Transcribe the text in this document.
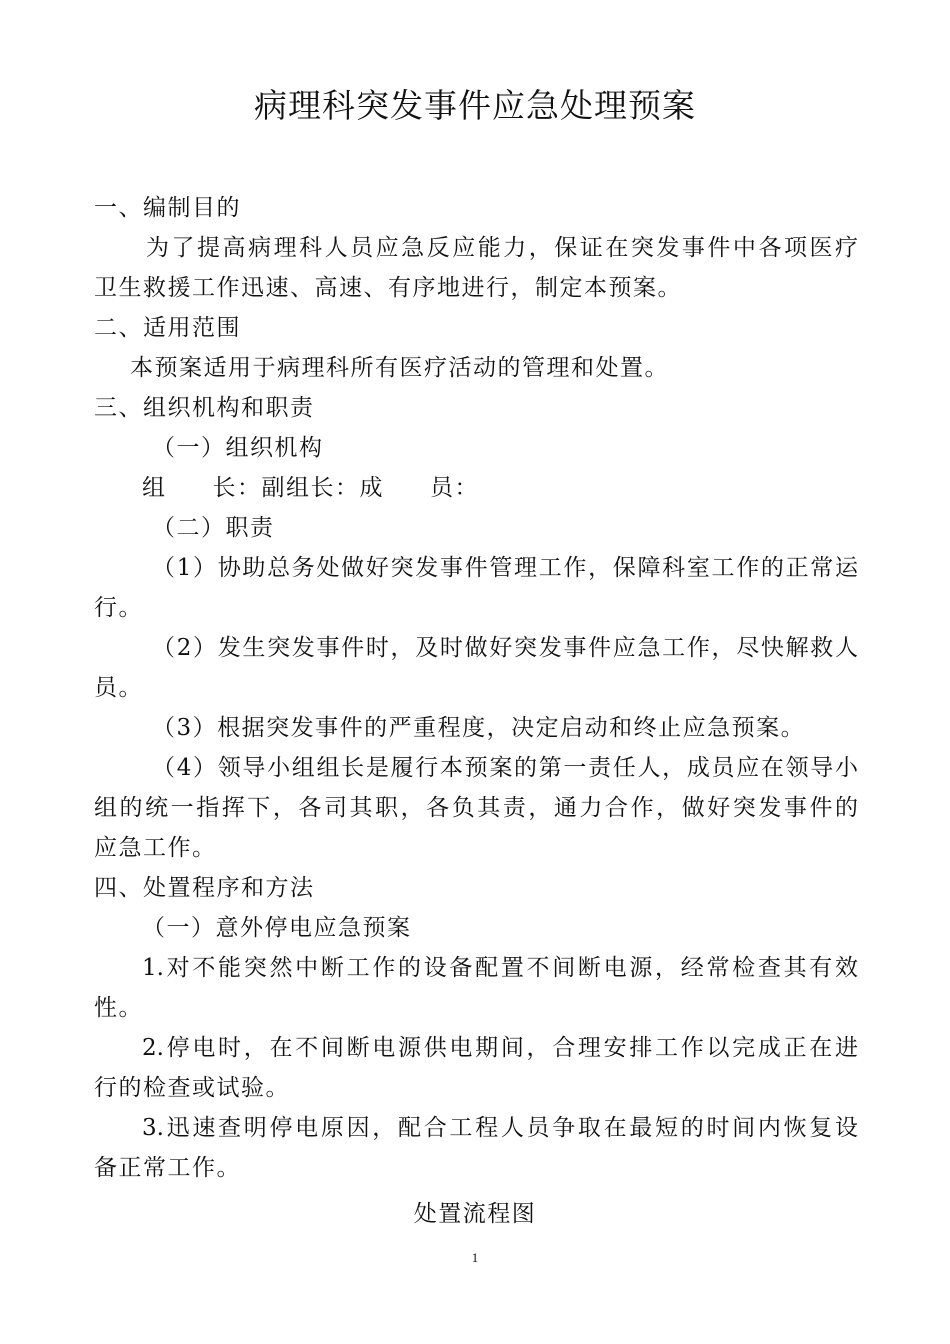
病理科突发事件应急处理预案
一、编制目的
为了提高病理科人员应急反应能力，保证在突发事件中各项医疗
卫生救援工作迅速、高速、有序地进行，制定本预案。
二、适用范围
本预案适用于病理科所有医疗活动的管理和处置。
三、组织机构和职责
（一）组织机构
组 长：副组长：成 员：
（二）职责
（1）协助总务处做好突发事件管理工作，保障科室工作的正常运
行。
（2）发生突发事件时，及时做好突发事件应急工作，尽快解救人
员。
（3）根据突发事件的严重程度，决定启动和终止应急预案。
（4）领导小组组长是履行本预案的第一责任人，成员应在领导小
组的统一指挥下，各司其职，各负其责，通力合作，做好突发事件的
应急工作。
四、处置程序和方法
（一）意外停电应急预案
1.对不能突然中断工作的设备配置不间断电源，经常检查其有效
性。
2.停电时，在不间断电源供电期间，合理安排工作以完成正在进
行的检查或试验。
3.迅速查明停电原因，配合工程人员争取在最短的时间内恢复设
备正常工作。
处置流程图
1
